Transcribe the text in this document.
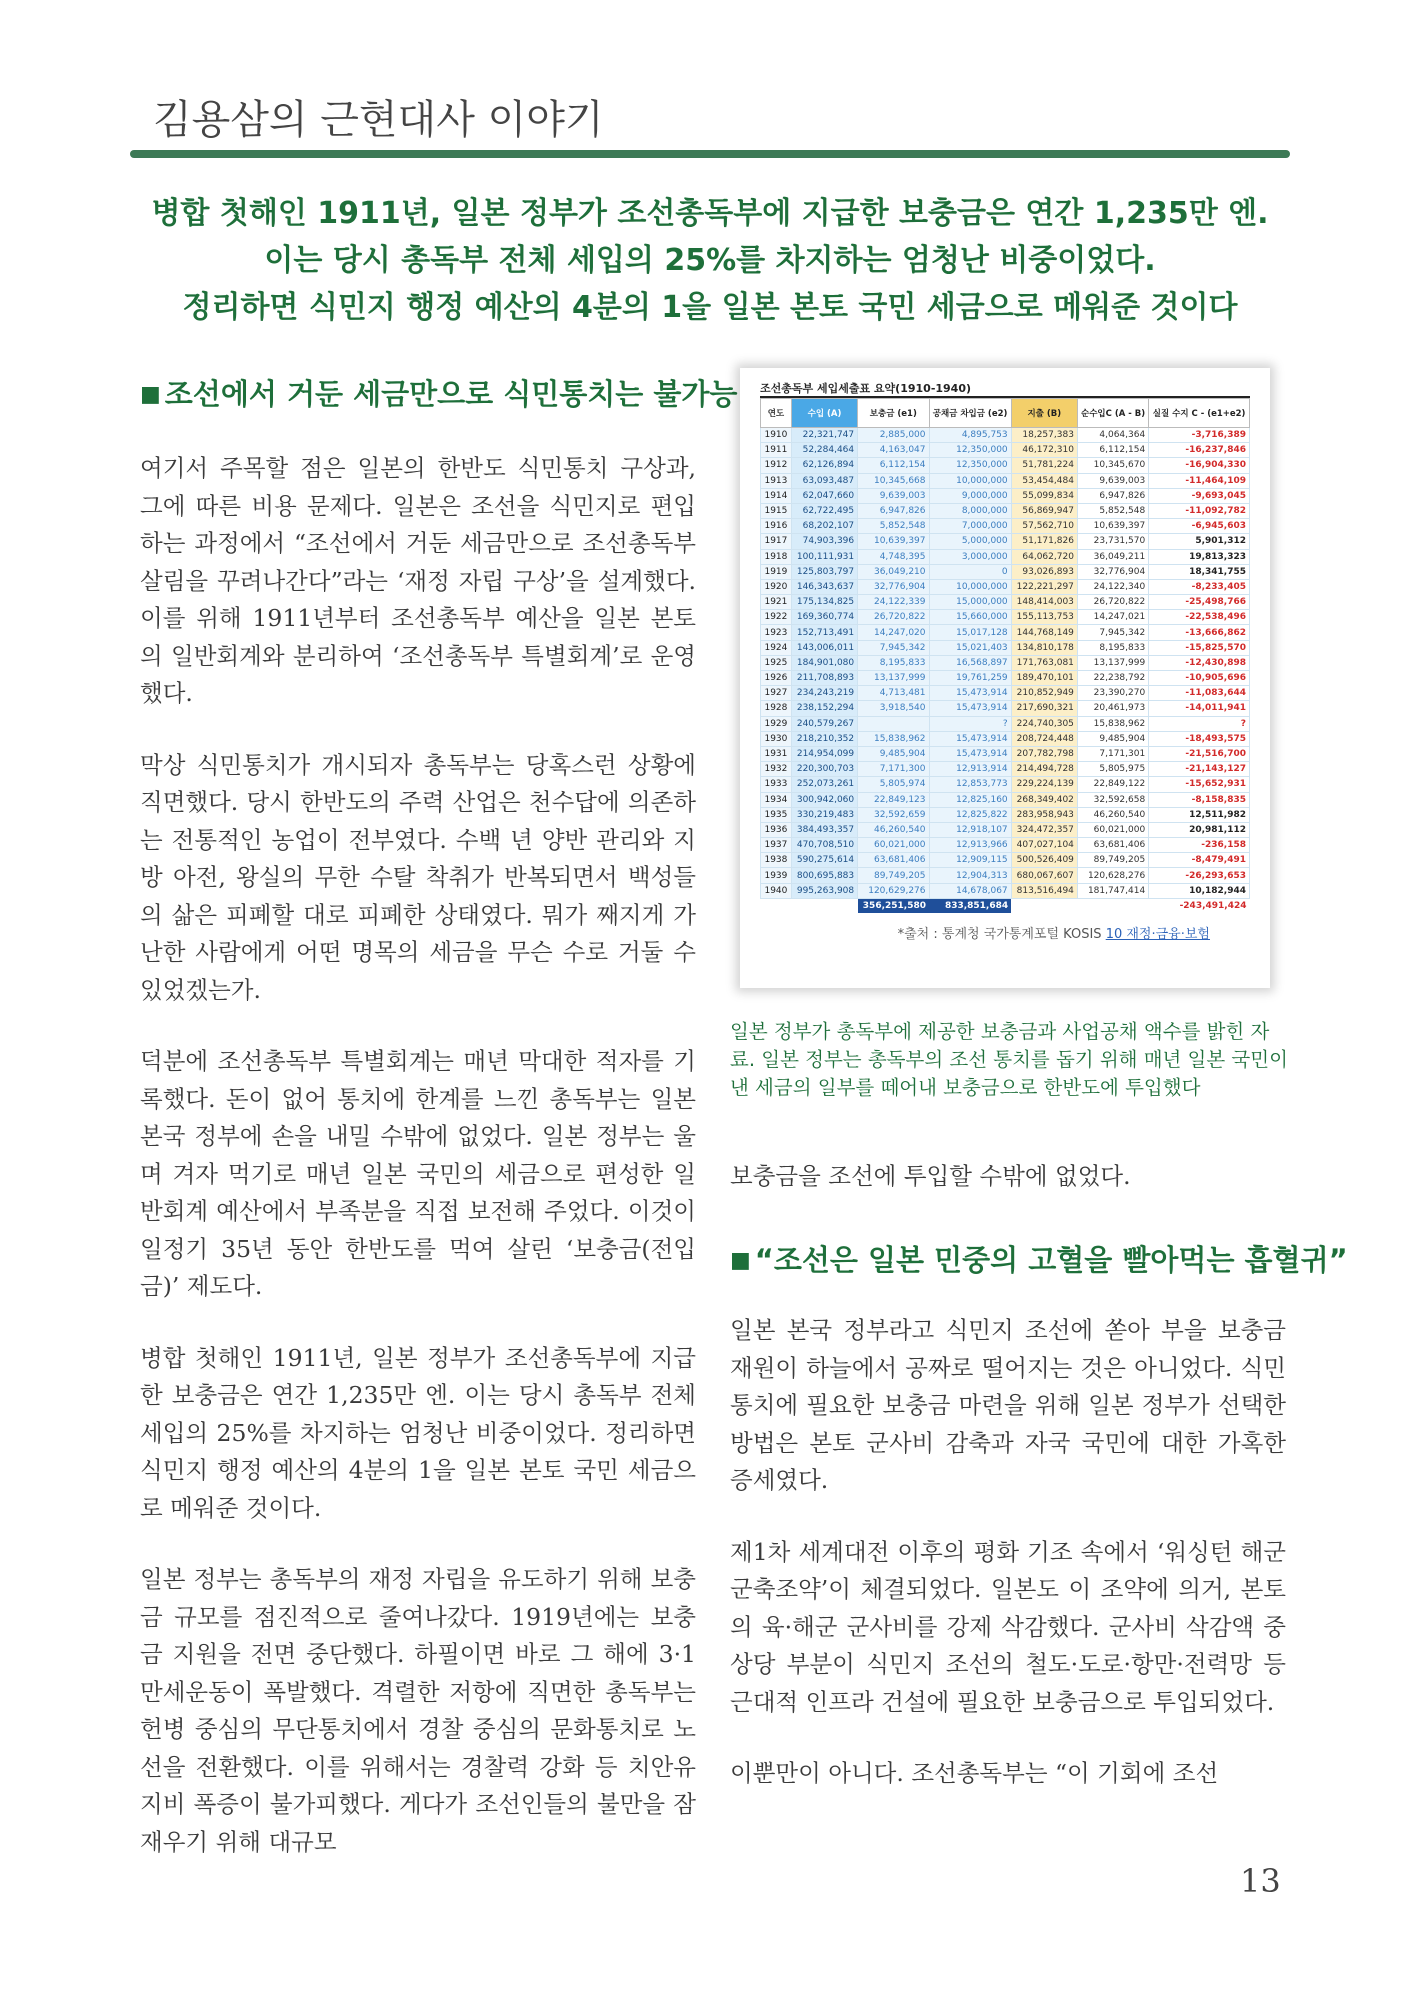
김용삼의 근현대사 이야기
병합 첫해인 1911년, 일본 정부가 조선총독부에 지급한 보충금은 연간 1,235만 엔.
이는 당시 총독부 전체 세입의 25%를 차지하는 엄청난 비중이었다.
정리하면 식민지 행정 예산의 4분의 1을 일본 본토 국민 세금으로 메워준 것이다
■ 조선에서 거둔 세금만으로 식민통치는 불가능

여기서 주목할 점은 일본의 한반도 식민통치 구상과, 그에 따른 비용 문제다. 일본은 조선을 식민지로 편입하는 과정에서 “조선에서 거둔 세금만으로 조선총독부 살림을 꾸려나간다”라는 ‘재정 자립 구상’을 설계했다. 이를 위해 1911년부터 조선총독부 예산을 일본 본토의 일반회계와 분리하여 ‘조선총독부 특별회계’로 운영했다.

막상 식민통치가 개시되자 총독부는 당혹스런 상황에 직면했다. 당시 한반도의 주력 산업은 천수답에 의존하는 전통적인 농업이 전부였다. 수백 년 양반 관리와 지방 아전, 왕실의 무한 수탈 착취가 반복되면서 백성들의 삶은 피폐할 대로 피폐한 상태였다. 뭐가 째지게 가난한 사람에게 어떤 명목의 세금을 무슨 수로 거둘 수 있었겠는가.

덕분에 조선총독부 특별회계는 매년 막대한 적자를 기록했다. 돈이 없어 통치에 한계를 느낀 총독부는 일본 본국 정부에 손을 내밀 수밖에 없었다. 일본 정부는 울며 겨자 먹기로 매년 일본 국민의 세금으로 편성한 일반회계 예산에서 부족분을 직접 보전해 주었다. 이것이 일정기 35년 동안 한반도를 먹여 살린 ‘보충금(전입금)’ 제도다.

병합 첫해인 1911년, 일본 정부가 조선총독부에 지급한 보충금은 연간 1,235만 엔. 이는 당시 총독부 전체 세입의 25%를 차지하는 엄청난 비중이었다. 정리하면 식민지 행정 예산의 4분의 1을 일본 본토 국민 세금으로 메워준 것이다.

일본 정부는 총독부의 재정 자립을 유도하기 위해 보충금 규모를 점진적으로 줄여나갔다. 1919년에는 보충금 지원을 전면 중단했다. 하필이면 바로 그 해에 3·1 만세운동이 폭발했다. 격렬한 저항에 직면한 총독부는 헌병 중심의 무단통치에서 경찰 중심의 문화통치로 노선을 전환했다. 이를 위해서는 경찰력 강화 등 치안유지비 폭증이 불가피했다. 게다가 조선인들의 불만을 잠재우기 위해 대규모

조선총독부 세입세출표 요약(1910-1940)
연도	수입 (A)	보충금 (e1)	공채금 차입금 (e2)	지출 (B)	순수입C (A - B)	실질 수지 C - (e1+e2)
1910	22,321,747	2,885,000	4,895,753	18,257,383	4,064,364	-3,716,389
1911	52,284,464	4,163,047	12,350,000	46,172,310	6,112,154	-16,237,846
1912	62,126,894	6,112,154	12,350,000	51,781,224	10,345,670	-16,904,330
1913	63,093,487	10,345,668	10,000,000	53,454,484	9,639,003	-11,464,109
1914	62,047,660	9,639,003	9,000,000	55,099,834	6,947,826	-9,693,045
1915	62,722,495	6,947,826	8,000,000	56,869,947	5,852,548	-11,092,782
1916	68,202,107	5,852,548	7,000,000	57,562,710	10,639,397	-6,945,603
1917	74,903,396	10,639,397	5,000,000	51,171,826	23,731,570	5,901,312
1918	100,111,931	4,748,395	3,000,000	64,062,720	36,049,211	19,813,323
1919	125,803,797	36,049,210	0	93,026,893	32,776,904	18,341,755
1920	146,343,637	32,776,904	10,000,000	122,221,297	24,122,340	-8,233,405
1921	175,134,825	24,122,339	15,000,000	148,414,003	26,720,822	-25,498,766
1922	169,360,774	26,720,822	15,660,000	155,113,753	14,247,021	-22,538,496
1923	152,713,491	14,247,020	15,017,128	144,768,149	7,945,342	-13,666,862
1924	143,006,011	7,945,342	15,021,403	134,810,178	8,195,833	-15,825,570
1925	184,901,080	8,195,833	16,568,897	171,763,081	13,137,999	-12,430,898
1926	211,708,893	13,137,999	19,761,259	189,470,101	22,238,792	-10,905,696
1927	234,243,219	4,713,481	15,473,914	210,852,949	23,390,270	-11,083,644
1928	238,152,294	3,918,540	15,473,914	217,690,321	20,461,973	-14,011,941
1929	240,579,267		?	224,740,305	15,838,962	?
1930	218,210,352	15,838,962	15,473,914	208,724,448	9,485,904	-18,493,575
1931	214,954,099	9,485,904	15,473,914	207,782,798	7,171,301	-21,516,700
1932	220,300,703	7,171,300	12,913,914	214,494,728	5,805,975	-21,143,127
1933	252,073,261	5,805,974	12,853,773	229,224,139	22,849,122	-15,652,931
1934	300,942,060	22,849,123	12,825,160	268,349,402	32,592,658	-8,158,835
1935	330,219,483	32,592,659	12,825,822	283,958,943	46,260,540	12,511,982
1936	384,493,357	46,260,540	12,918,107	324,472,357	60,021,000	20,981,112
1937	470,708,510	60,021,000	12,913,966	407,027,104	63,681,406	-236,158
1938	590,275,614	63,681,406	12,909,115	500,526,409	89,749,205	-8,479,491
1939	800,695,883	89,749,205	12,904,313	680,067,607	120,628,276	-26,293,653
1940	995,263,908	120,629,276	14,678,067	813,516,494	181,747,414	10,182,944
		356,251,580	833,851,684			-243,491,424
*출처 : 통계청 국가통계포털 KOSIS 10 재정·금융·보험
일본 정부가 총독부에 제공한 보충금과 사업공채 액수를 밝힌 자료. 일본 정부는 총독부의 조선 통치를 돕기 위해 매년 일본 국민이 낸 세금의 일부를 떼어내 보충금으로 한반도에 투입했다

보충금을 조선에 투입할 수밖에 없었다.

■ “조선은 일본 민중의 고혈을 빨아먹는 흡혈귀”

일본 본국 정부라고 식민지 조선에 쏟아 부을 보충금 재원이 하늘에서 공짜로 떨어지는 것은 아니었다. 식민통치에 필요한 보충금 마련을 위해 일본 정부가 선택한 방법은 본토 군사비 감축과 자국 국민에 대한 가혹한 증세였다.

제1차 세계대전 이후의 평화 기조 속에서 ‘워싱턴 해군 군축조약’이 체결되었다. 일본도 이 조약에 의거, 본토의 육·해군 군사비를 강제 삭감했다. 군사비 삭감액 중 상당 부분이 식민지 조선의 철도·도로·항만·전력망 등 근대적 인프라 건설에 필요한 보충금으로 투입되었다.

이뿐만이 아니다. 조선총독부는 “이 기회에 조선

13
